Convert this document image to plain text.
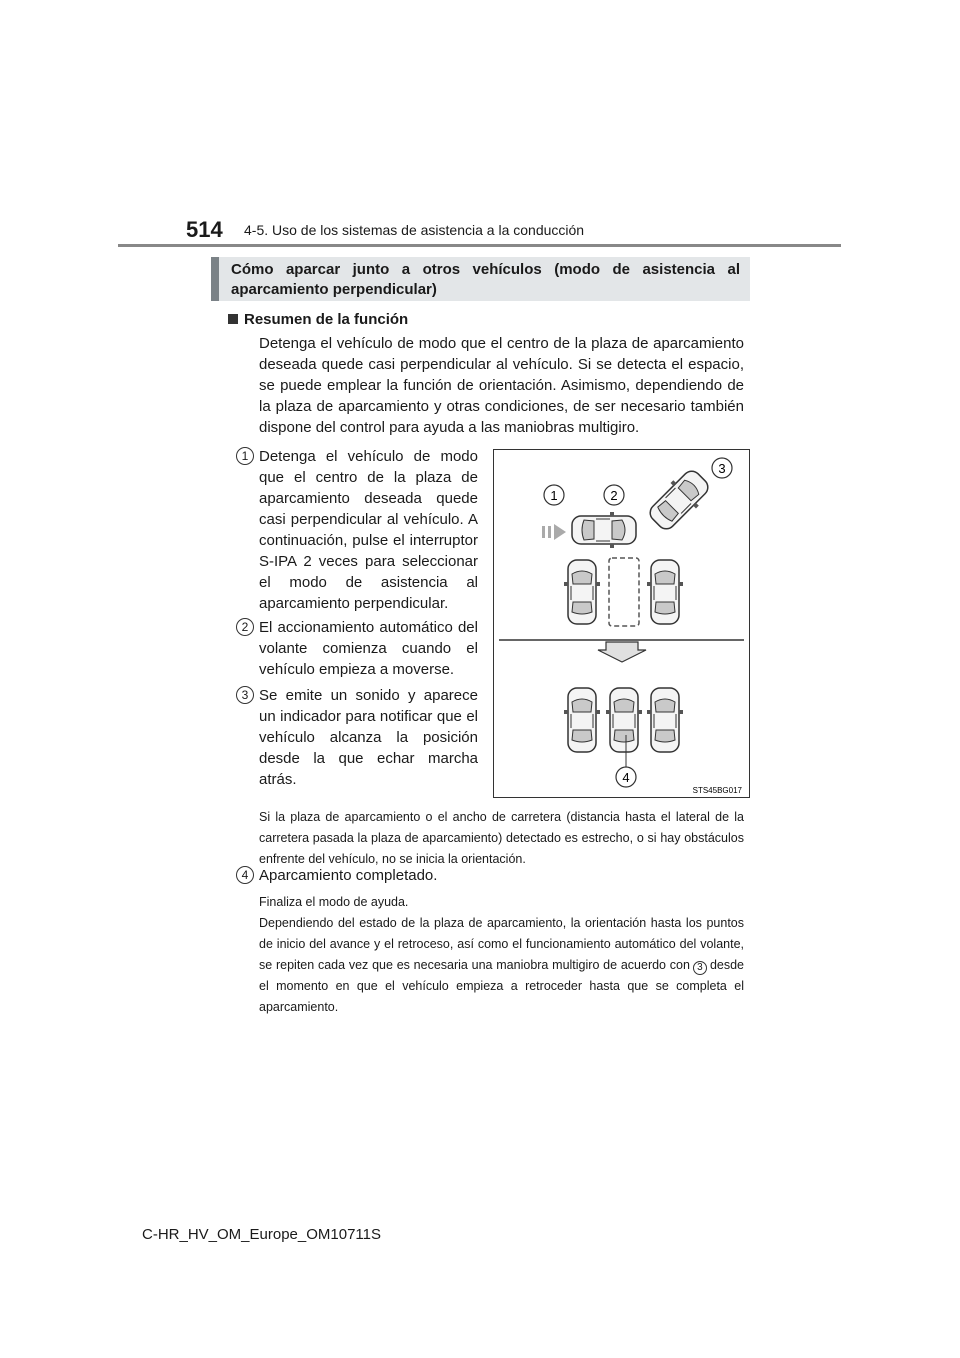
514 4-5. Uso de los sistemas de asistencia a la conducción
Cómo aparcar junto a otros vehículos (modo de asistencia al aparcamiento perpendicular)
Resumen de la función
Detenga el vehículo de modo que el centro de la plaza de aparcamiento deseada quede casi perpendicular al vehículo. Si se detecta el espacio, se puede emplear la función de orientación. Asimismo, dependiendo de la plaza de aparcamiento y otras condiciones, de ser necesario también dispone del control para ayuda a las maniobras multigiro.
1 Detenga el vehículo de modo que el centro de la plaza de aparcamiento deseada quede casi perpendicular al vehículo. A continuación, pulse el interruptor S-IPA 2 veces para seleccionar el modo de asistencia al aparcamiento perpendicular.
2 El accionamiento automático del volante comienza cuando el vehículo empieza a moverse.
3 Se emite un sonido y aparece un indicador para notificar que el vehículo alcanza la posición desde la que echar marcha atrás.
Si la plaza de aparcamiento o el ancho de carretera (distancia hasta el lateral de la carretera pasada la plaza de aparcamiento) detectado es estrecho, o si hay obstáculos enfrente del vehículo, no se inicia la orientación.
4 Aparcamiento completado.
Finaliza el modo de ayuda.
Dependiendo del estado de la plaza de aparcamiento, la orientación hasta los puntos de inicio del avance y el retroceso, así como el funcionamiento automático del volante, se repiten cada vez que es necesaria una maniobra multigiro de acuerdo con 3 desde el momento en que el vehículo empieza a retroceder hasta que se completa el aparcamiento.
1	2
3
4
STS45BG017
C-HR_HV_OM_Europe_OM10711S
